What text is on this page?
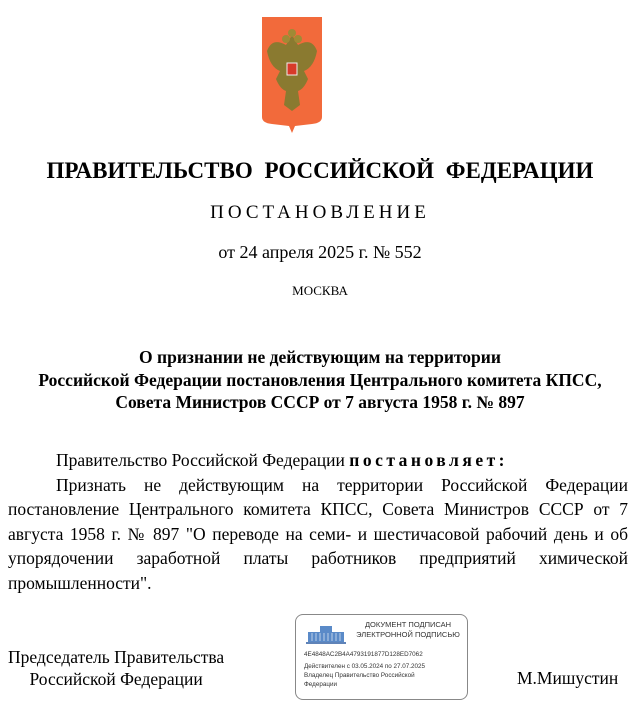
ПРАВИТЕЛЬСТВО РОССИЙСКОЙ ФЕДЕРАЦИИ
ПОСТАНОВЛЕНИЕ
от 24 апреля 2025 г. № 552
МОСКВА
О признании не действующим на территории
Российской Федерации постановления Центрального комитета КПСС,
Совета Министров СССР от 7 августа 1958 г. № 897

Правительство Российской Федерации постановляет:

Признать не действующим на территории Российской Федерации постановление Центрального комитета КПСС, Совета Министров СССР от 7 августа 1958 г. № 897 "О переводе на семи- и шестичасовой рабочий день и об упорядочении заработной платы работников предприятий химической промышленности".

Председатель Правительства
Российской Федерации
ДОКУМЕНТ ПОДПИСАН
ЭЛЕКТРОННОЙ ПОДПИСЬЮ
4E4848AC2B4A4793191877D128ED7062
Действителен с 03.05.2024 по 27.07.2025
Владелец Правительство Российской
Федерации	М.Мишустин
